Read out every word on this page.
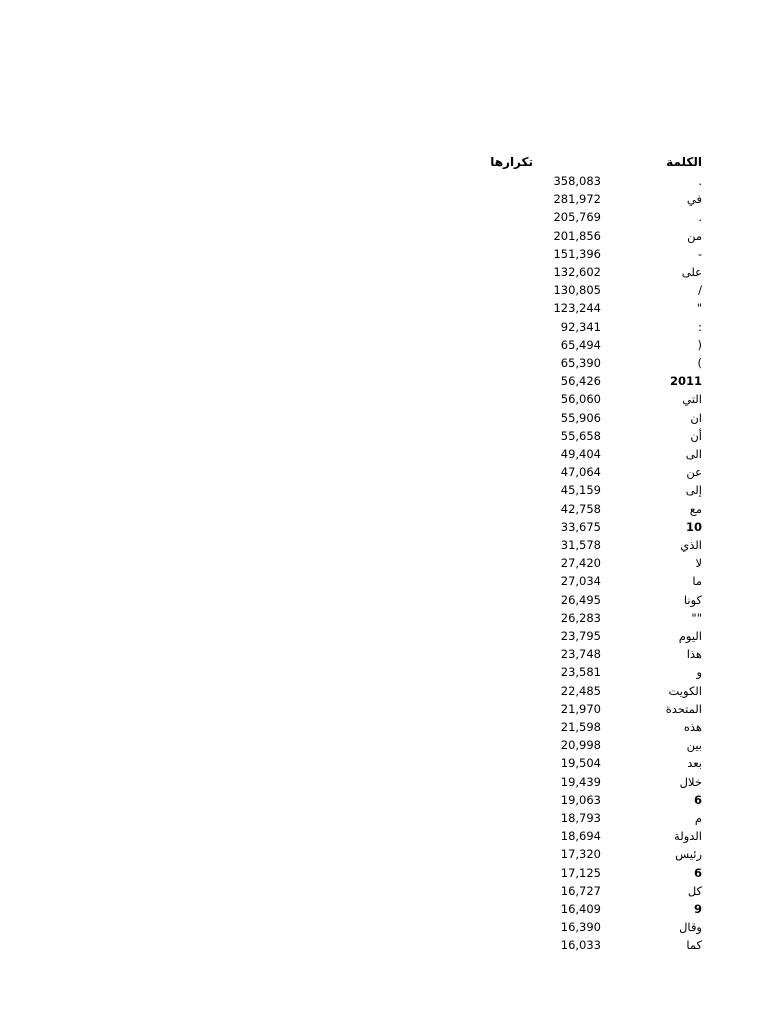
تكرارها	الكلمة
358,083	.
281,972	في
205,769	.
201,856	من
151,396	-
132,602	على
130,805	/
123,244	"
92,341	:
65,494	(
65,390	)
56,426	2011
56,060	التي
55,906	ان
55,658	أن
49,404	الى
47,064	عن
45,159	إلى
42,758	مع
33,675	10
31,578	الذي
27,420	لا
27,034	ما
26,495	كونا
26,283	""
23,795	اليوم
23,748	هذا
23,581	و
22,485	الكويت
21,970	المتحدة
21,598	هذه
20,998	بين
19,504	بعد
19,439	خلال
19,063	6
18,793	م
18,694	الدولة
17,320	رئيس
17,125	6
16,727	كل
16,409	9
16,390	وقال
16,033	كما
